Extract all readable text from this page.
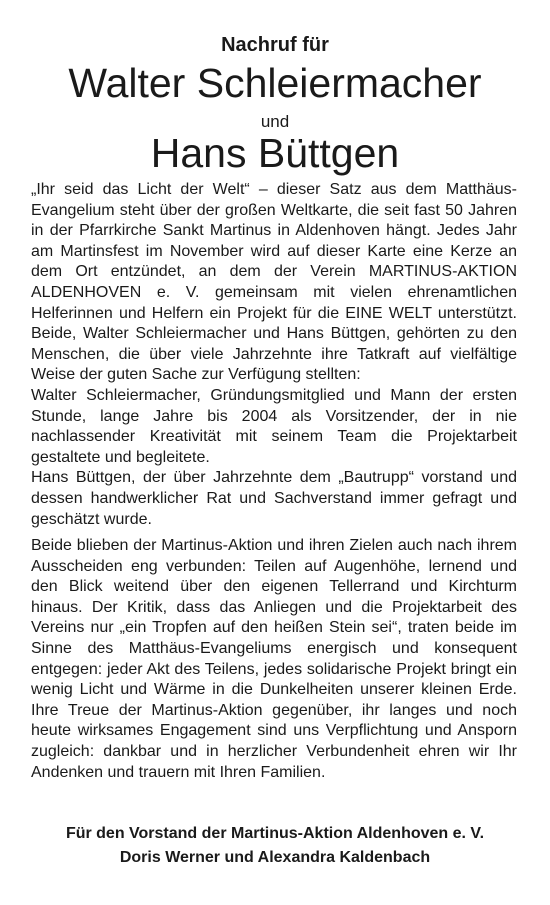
Nachruf für
Walter Schleiermacher
und
Hans Büttgen

„Ihr seid das Licht der Welt“ – dieser Satz aus dem Matthäus-Evangelium steht über der großen Weltkarte, die seit fast 50 Jahren in der Pfarrkirche Sankt Martinus in Aldenhoven hängt. Jedes Jahr am Martinsfest im November wird auf dieser Karte eine Kerze an dem Ort entzündet, an dem der Verein MARTINUS-AKTION ALDENHOVEN e. V. gemeinsam mit vielen ehrenamtlichen Helferinnen und Helfern ein Projekt für die EINE WELT unterstützt. Beide, Walter Schleiermacher und Hans Büttgen, gehörten zu den Menschen, die über viele Jahrzehnte ihre Tatkraft auf vielfältige Weise der guten Sache zur Verfügung stellten:

Walter Schleiermacher, Gründungsmitglied und Mann der ersten Stunde, lange Jahre bis 2004 als Vorsitzender, der in nie nachlassender Kreativität mit seinem Team die Projektarbeit gestaltete und begleitete.

Hans Büttgen, der über Jahrzehnte dem „Bautrupp“ vorstand und dessen handwerklicher Rat und Sachverstand immer gefragt und geschätzt wurde.

Beide blieben der Martinus-Aktion und ihren Zielen auch nach ihrem Ausscheiden eng verbunden: Teilen auf Augenhöhe, lernend und den Blick weitend über den eigenen Tellerrand und Kirchturm hinaus. Der Kritik, dass das Anliegen und die Projektarbeit des Vereins nur „ein Tropfen auf den heißen Stein sei“, traten beide im Sinne des Matthäus-Evangeliums energisch und konsequent entgegen: jeder Akt des Teilens, jedes solidarische Projekt bringt ein wenig Licht und Wärme in die Dunkelheiten unserer kleinen Erde. Ihre Treue der Martinus-Aktion gegenüber, ihr langes und noch heute wirksames Engagement sind uns Verpflichtung und Ansporn zugleich: dankbar und in herzlicher Verbundenheit ehren wir Ihr Andenken und trauern mit Ihren Familien.

Für den Vorstand der Martinus-Aktion Aldenhoven e. V.
Doris Werner und Alexandra Kaldenbach
